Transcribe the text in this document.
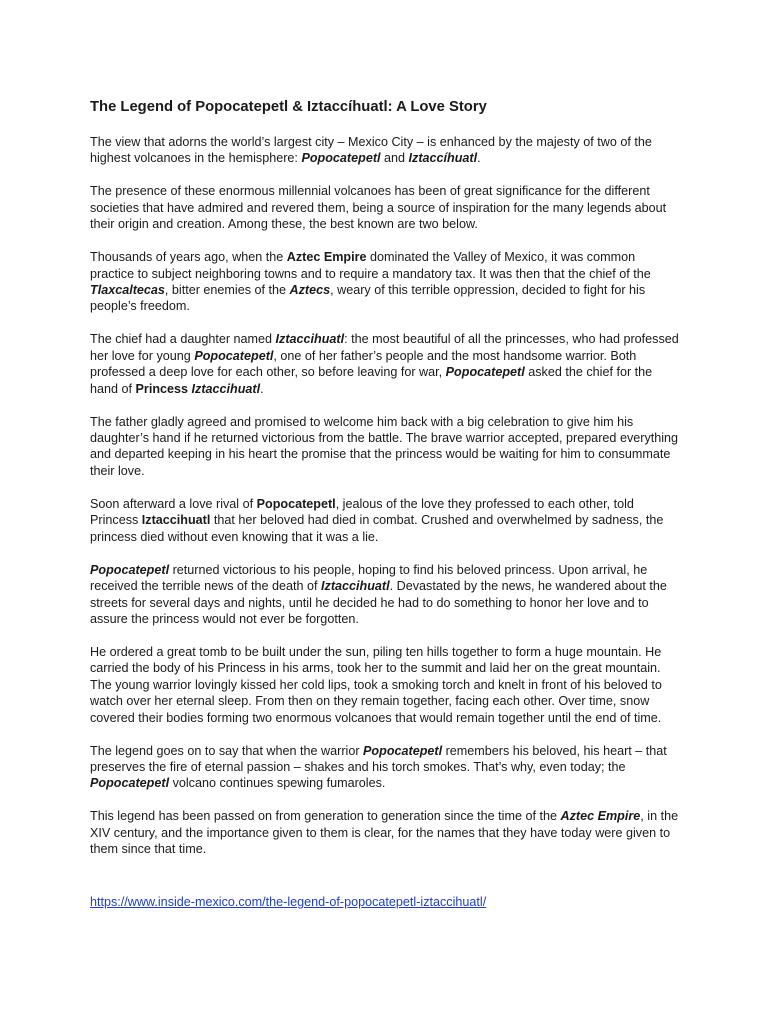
The Legend of Popocatepetl & Iztaccíhuatl: A Love Story

The view that adorns the world’s largest city – Mexico City – is enhanced by the majesty of two of the highest volcanoes in the hemisphere: Popocatepetl and Iztaccíhuatl.

The presence of these enormous millennial volcanoes has been of great significance for the different societies that have admired and revered them, being a source of inspiration for the many legends about their origin and creation. Among these, the best known are two below.

Thousands of years ago, when the Aztec Empire dominated the Valley of Mexico, it was common practice to subject neighboring towns and to require a mandatory tax. It was then that the chief of the Tlaxcaltecas, bitter enemies of the Aztecs, weary of this terrible oppression, decided to fight for his people’s freedom.

The chief had a daughter named Iztaccihuatl: the most beautiful of all the princesses, who had professed her love for young Popocatepetl, one of her father’s people and the most handsome warrior. Both professed a deep love for each other, so before leaving for war, Popocatepetl asked the chief for the hand of Princess Iztaccihuatl.

The father gladly agreed and promised to welcome him back with a big celebration to give him his daughter’s hand if he returned victorious from the battle. The brave warrior accepted, prepared everything and departed keeping in his heart the promise that the princess would be waiting for him to consummate their love.

Soon afterward a love rival of Popocatepetl, jealous of the love they professed to each other, told Princess Iztaccihuatl that her beloved had died in combat. Crushed and overwhelmed by sadness, the princess died without even knowing that it was a lie.

Popocatepetl returned victorious to his people, hoping to find his beloved princess. Upon arrival, he received the terrible news of the death of Iztaccihuatl. Devastated by the news, he wandered about the streets for several days and nights, until he decided he had to do something to honor her love and to assure the princess would not ever be forgotten.

He ordered a great tomb to be built under the sun, piling ten hills together to form a huge mountain. He carried the body of his Princess in his arms, took her to the summit and laid her on the great mountain. The young warrior lovingly kissed her cold lips, took a smoking torch and knelt in front of his beloved to watch over her eternal sleep. From then on they remain together, facing each other. Over time, snow covered their bodies forming two enormous volcanoes that would remain together until the end of time.

The legend goes on to say that when the warrior Popocatepetl remembers his beloved, his heart – that preserves the fire of eternal passion – shakes and his torch smokes. That’s why, even today; the Popocatepetl volcano continues spewing fumaroles.

This legend has been passed on from generation to generation since the time of the Aztec Empire, in the XIV century, and the importance given to them is clear, for the names that they have today were given to them since that time.

https://www.inside-mexico.com/the-legend-of-popocatepetl-iztaccihuatl/
